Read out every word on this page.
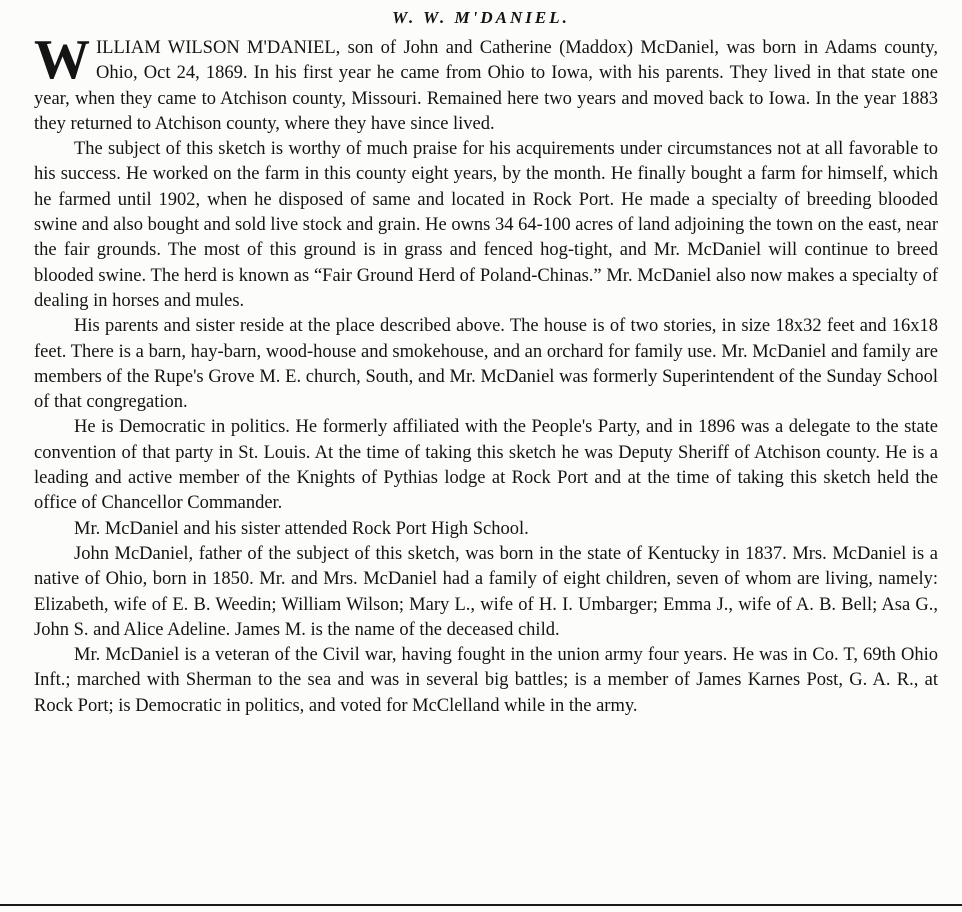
W. W. M'DANIEL.

WILLIAM WILSON M'DANIEL, son of John and Catherine (Maddox) McDaniel, was born in Adams county, Ohio, Oct 24, 1869. In his first year he came from Ohio to Iowa, with his parents. They lived in that state one year, when they came to Atchison county, Missouri. Remained here two years and moved back to Iowa. In the year 1883 they returned to Atchison county, where they have since lived.

The subject of this sketch is worthy of much praise for his acquirements under circumstances not at all favorable to his success. He worked on the farm in this county eight years, by the month. He finally bought a farm for himself, which he farmed until 1902, when he disposed of same and located in Rock Port. He made a specialty of breeding blooded swine and also bought and sold live stock and grain. He owns 34 64-100 acres of land adjoining the town on the east, near the fair grounds. The most of this ground is in grass and fenced hog-tight, and Mr. McDaniel will continue to breed blooded swine. The herd is known as “Fair Ground Herd of Poland-Chinas.” Mr. McDaniel also now makes a specialty of dealing in horses and mules.

His parents and sister reside at the place described above. The house is of two stories, in size 18x32 feet and 16x18 feet. There is a barn, hay-barn, wood-house and smokehouse, and an orchard for family use. Mr. McDaniel and family are members of the Rupe's Grove M. E. church, South, and Mr. McDaniel was formerly Superintendent of the Sunday School of that congregation.

He is Democratic in politics. He formerly affiliated with the People's Party, and in 1896 was a delegate to the state convention of that party in St. Louis. At the time of taking this sketch he was Deputy Sheriff of Atchison county. He is a leading and active member of the Knights of Pythias lodge at Rock Port and at the time of taking this sketch held the office of Chancellor Commander.

Mr. McDaniel and his sister attended Rock Port High School.

John McDaniel, father of the subject of this sketch, was born in the state of Kentucky in 1837. Mrs. McDaniel is a native of Ohio, born in 1850. Mr. and Mrs. McDaniel had a family of eight children, seven of whom are living, namely: Elizabeth, wife of E. B. Weedin; William Wilson; Mary L., wife of H. I. Umbarger; Emma J., wife of A. B. Bell; Asa G., John S. and Alice Adeline. James M. is the name of the deceased child.

Mr. McDaniel is a veteran of the Civil war, having fought in the union army four years. He was in Co. T, 69th Ohio Inft.; marched with Sherman to the sea and was in several big battles; is a member of James Karnes Post, G. A. R., at Rock Port; is Democratic in politics, and voted for McClelland while in the army.
